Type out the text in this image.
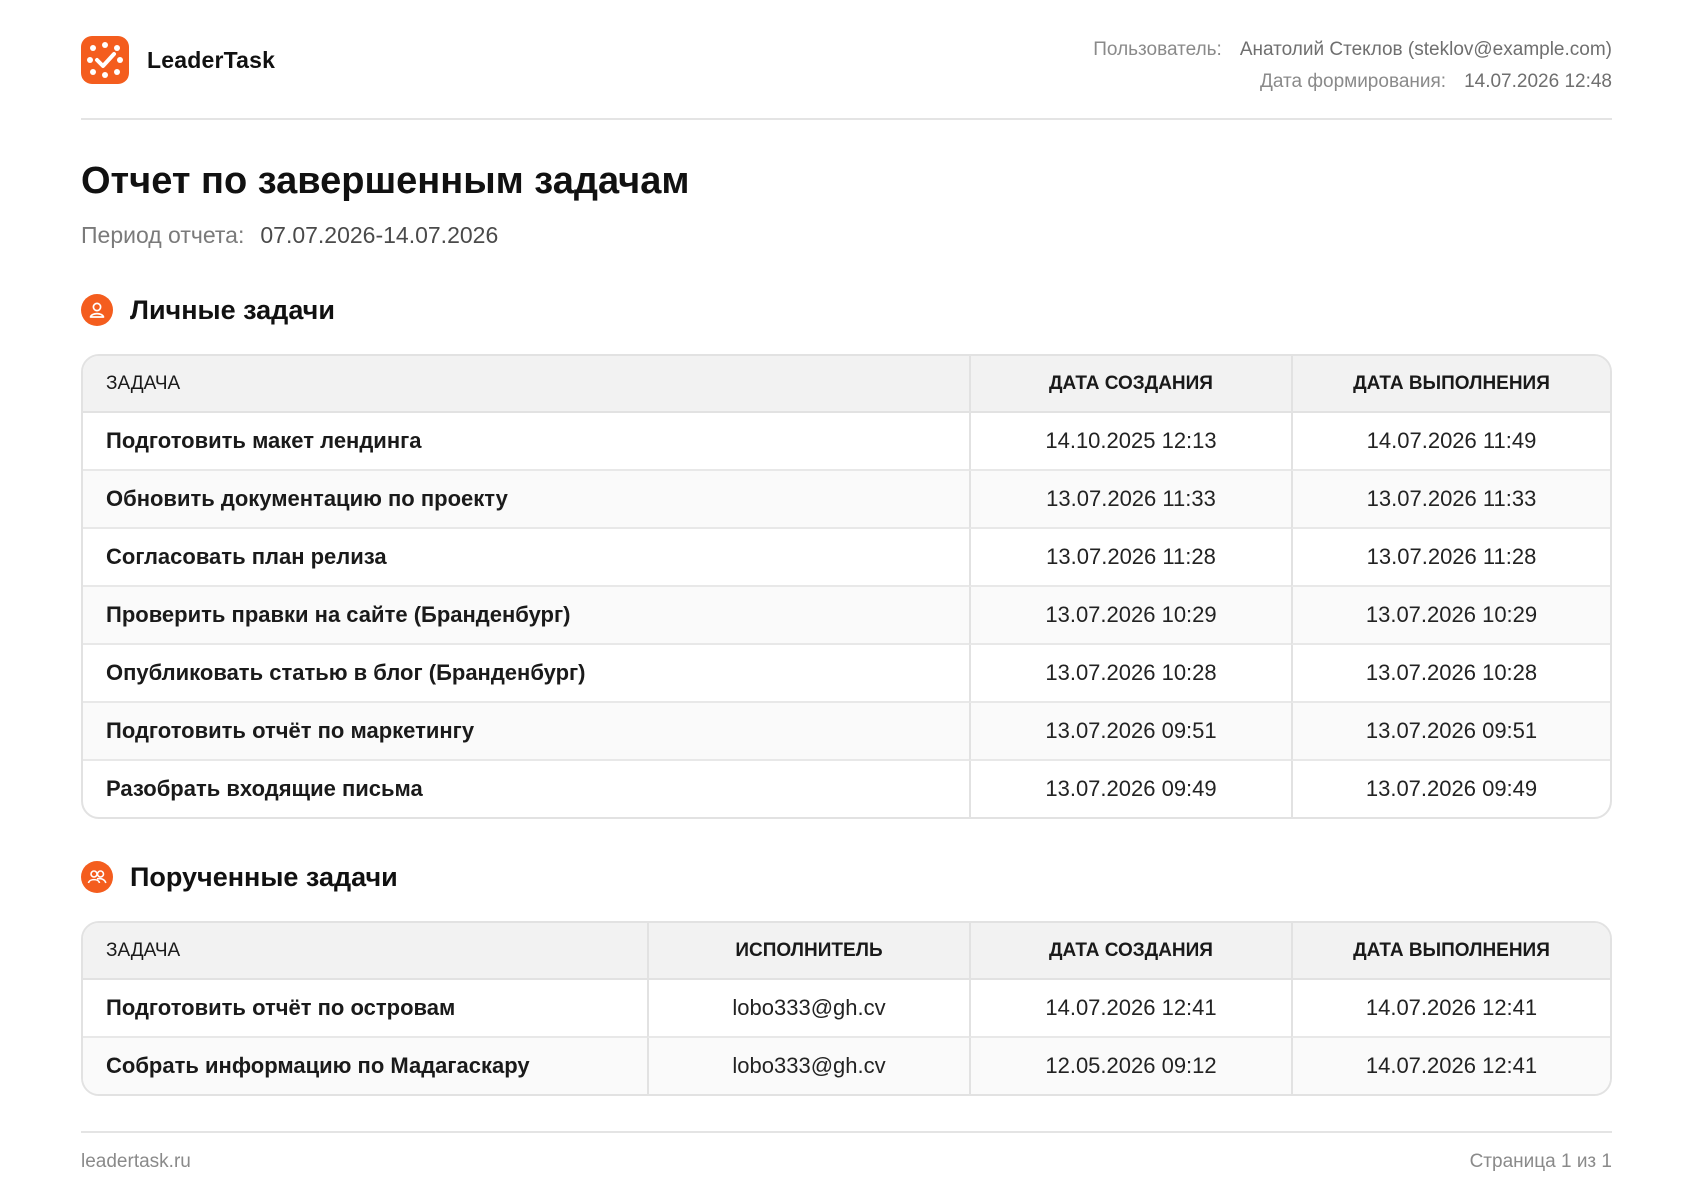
LeaderTask	Пользователь: Анатолий Стеклов (steklov@example.com)
Дата формирования: 14.07.2026 12:48
Отчет по завершенным задачам
Период отчета: 07.07.2026-14.07.2026
Личные задачи
ЗАДАЧА	ДАТА СОЗДАНИЯ	ДАТА ВЫПОЛНЕНИЯ
Подготовить макет лендинга	14.10.2025 12:13	14.07.2026 11:49
Обновить документацию по проекту	13.07.2026 11:33	13.07.2026 11:33
Согласовать план релиза	13.07.2026 11:28	13.07.2026 11:28
Проверить правки на сайте (Бранденбург)	13.07.2026 10:29	13.07.2026 10:29
Опубликовать статью в блог (Бранденбург)	13.07.2026 10:28	13.07.2026 10:28
Подготовить отчёт по маркетингу	13.07.2026 09:51	13.07.2026 09:51
Разобрать входящие письма	13.07.2026 09:49	13.07.2026 09:49
Порученные задачи
ЗАДАЧА	ИСПОЛНИТЕЛЬ	ДАТА СОЗДАНИЯ	ДАТА ВЫПОЛНЕНИЯ
Подготовить отчёт по островам	lobo333@gh.cv	14.07.2026 12:41	14.07.2026 12:41
Собрать информацию по Мадагаскару	lobo333@gh.cv	12.05.2026 09:12	14.07.2026 12:41
leadertask.ru	Страница 1 из 1
